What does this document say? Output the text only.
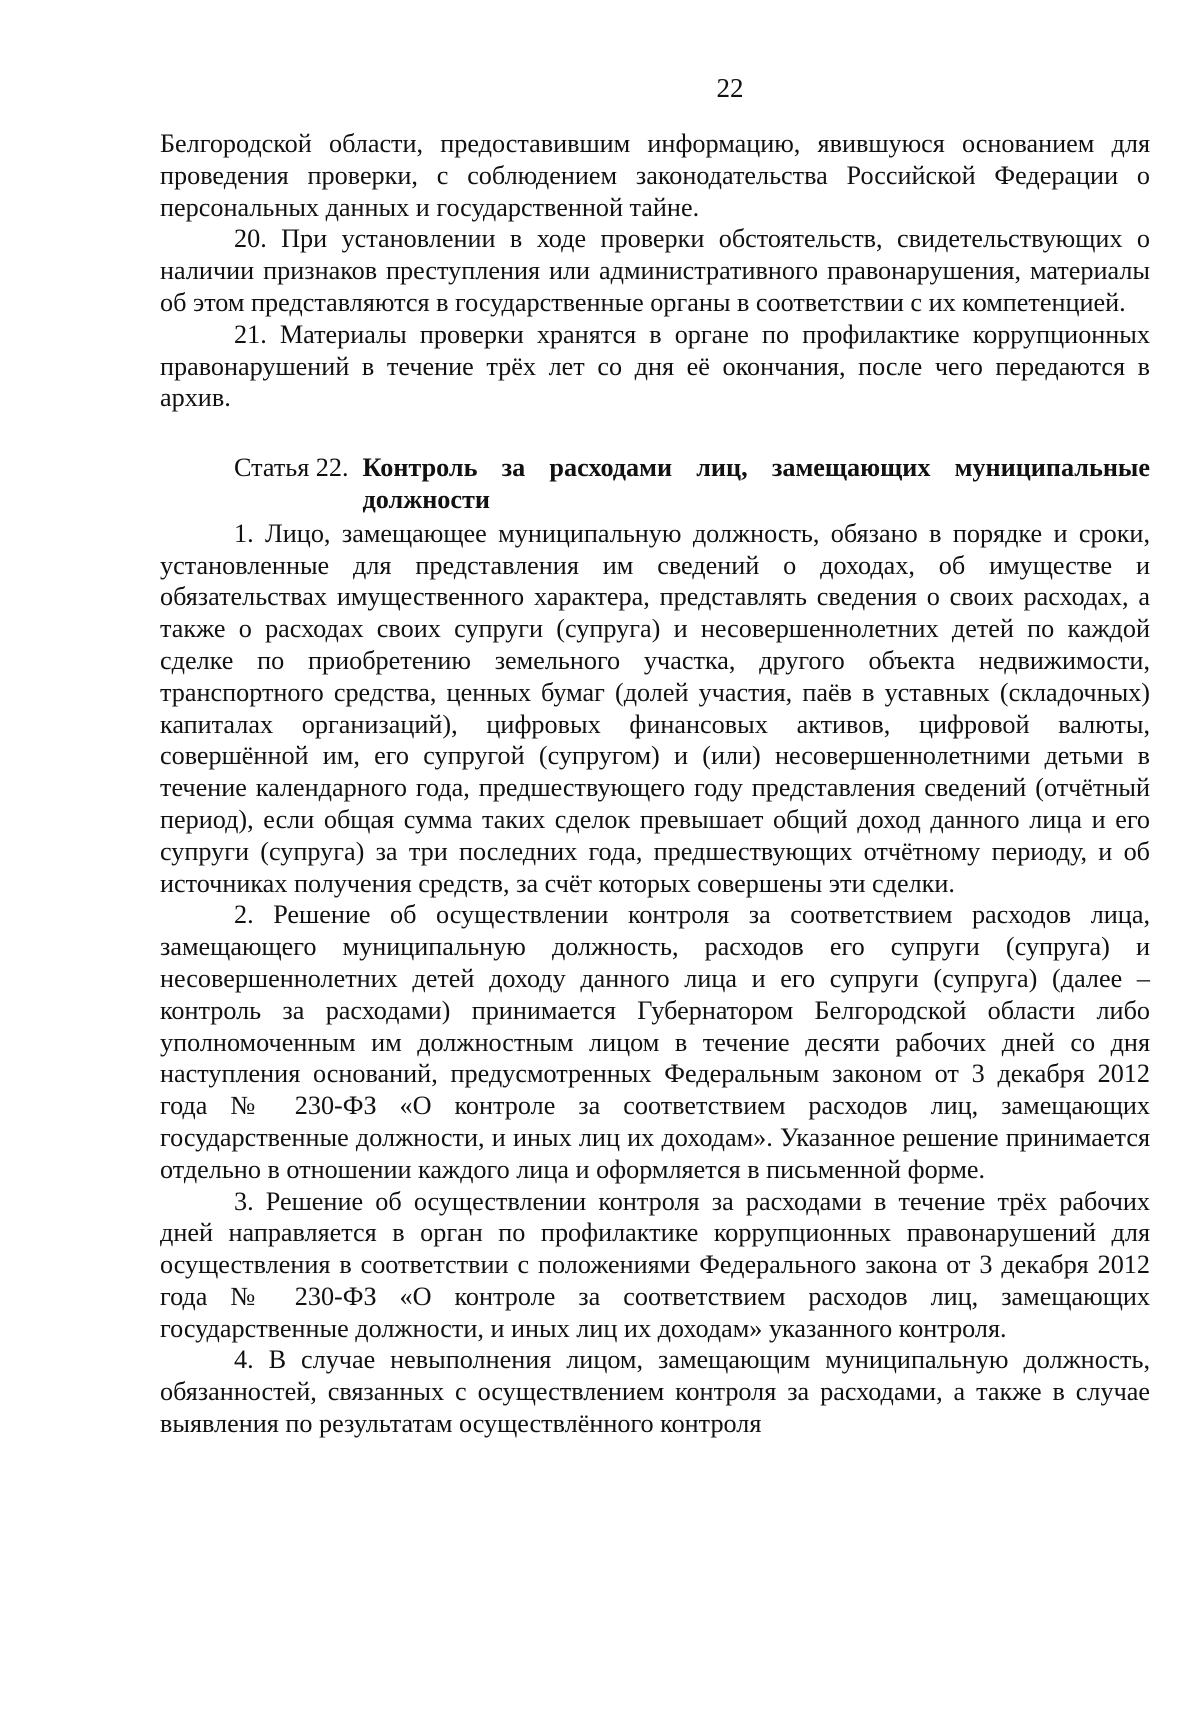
22

Белгородской области, предоставившим информацию, явившуюся основанием для проведения проверки, с соблюдением законодательства Российской Федерации о персональных данных и государственной тайне.

20. При установлении в ходе проверки обстоятельств, свидетельствующих о наличии признаков преступления или административного правонарушения, материалы об этом представляются в государственные органы в соответствии с их компетенцией.

21. Материалы проверки хранятся в органе по профилактике коррупционных правонарушений в течение трёх лет со дня её окончания, после чего передаются в архив.

Статья 22. Контроль за расходами лиц, замещающих муниципальные должности

1. Лицо, замещающее муниципальную должность, обязано в порядке и сроки, установленные для представления им сведений о доходах, об имуществе и обязательствах имущественного характера, представлять сведения о своих расходах, а также о расходах своих супруги (супруга) и несовершеннолетних детей по каждой сделке по приобретению земельного участка, другого объекта недвижимости, транспортного средства, ценных бумаг (долей участия, паёв в уставных (складочных) капиталах организаций), цифровых финансовых активов, цифровой валюты, совершённой им, его супругой (супругом) и (или) несовершеннолетними детьми в течение календарного года, предшествующего году представления сведений (отчётный период), если общая сумма таких сделок превышает общий доход данного лица и его супруги (супруга) за три последних года, предшествующих отчётному периоду, и об источниках получения средств, за счёт которых совершены эти сделки.

2. Решение об осуществлении контроля за соответствием расходов лица, замещающего муниципальную должность, расходов его супруги (супруга) и несовершеннолетних детей доходу данного лица и его супруги (супруга) (далее – контроль за расходами) принимается Губернатором Белгородской области либо уполномоченным им должностным лицом в течение десяти рабочих дней со дня наступления оснований, предусмотренных Федеральным законом от 3 декабря 2012 года № 230-ФЗ «О контроле за соответствием расходов лиц, замещающих государственные должности, и иных лиц их доходам». Указанное решение принимается отдельно в отношении каждого лица и оформляется в письменной форме.

3. Решение об осуществлении контроля за расходами в течение трёх рабочих дней направляется в орган по профилактике коррупционных правонарушений для осуществления в соответствии с положениями Федерального закона от 3 декабря 2012 года № 230-ФЗ «О контроле за соответствием расходов лиц, замещающих государственные должности, и иных лиц их доходам» указанного контроля.

4. В случае невыполнения лицом, замещающим муниципальную должность, обязанностей, связанных с осуществлением контроля за расходами, а также в случае выявления по результатам осуществлённого контроля
